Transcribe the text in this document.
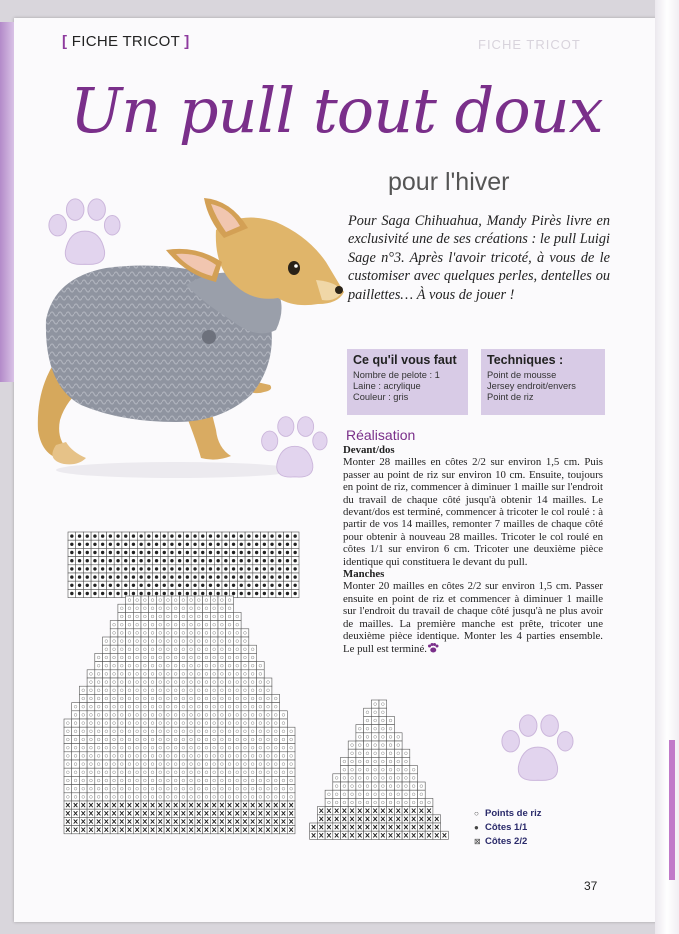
[ FICHE TRICOT ]	FICHE TRICOT
Un pull tout doux
pour l'hiver
Pour Saga Chihuahua, Mandy Pirès livre en exclusivité une de ses créations : le pull Luigi Sage n°3. Après l'avoir tricoté, à vous de le customiser avec quelques perles, dentelles ou paillettes… À vous de jouer !
Ce qu'il vous faut
Nombre de pelote : 1
Laine : acrylique
Couleur : gris
Techniques :
Point de mousse
Jersey endroit/envers
Point de riz
Réalisation
Devant/dos

Monter 28 mailles en côtes 2/2 sur environ 1,5 cm. Puis passer au point de riz sur environ 10 cm. Ensuite, toujours en point de riz, commencer à diminuer 1 maille sur l'endroit du travail de chaque côté jusqu'à obtenir 14 mailles. Le devant/dos est terminé, commencer à tricoter le col roulé : à partir de vos 14 mailles, remonter 7 mailles de chaque côté pour obtenir à nouveau 28 mailles. Tricoter le col roulé en côtes 1/1 sur environ 6 cm. Tricoter une deuxième pièce identique qui constituera le devant du pull.

Manches

Monter 20 mailles en côtes 2/2 sur environ 1,5 cm. Passer ensuite en point de riz et commencer à diminuer 1 maille sur l'endroit du travail de chaque côté jusqu'à ne plus avoir de mailles. La première manche est prête, tricoter une deuxième pièce identique. Monter les 4 parties ensemble. Le pull est terminé.

○ Points de riz
● Côtes 1/1
⊠ Côtes 2/2
37
